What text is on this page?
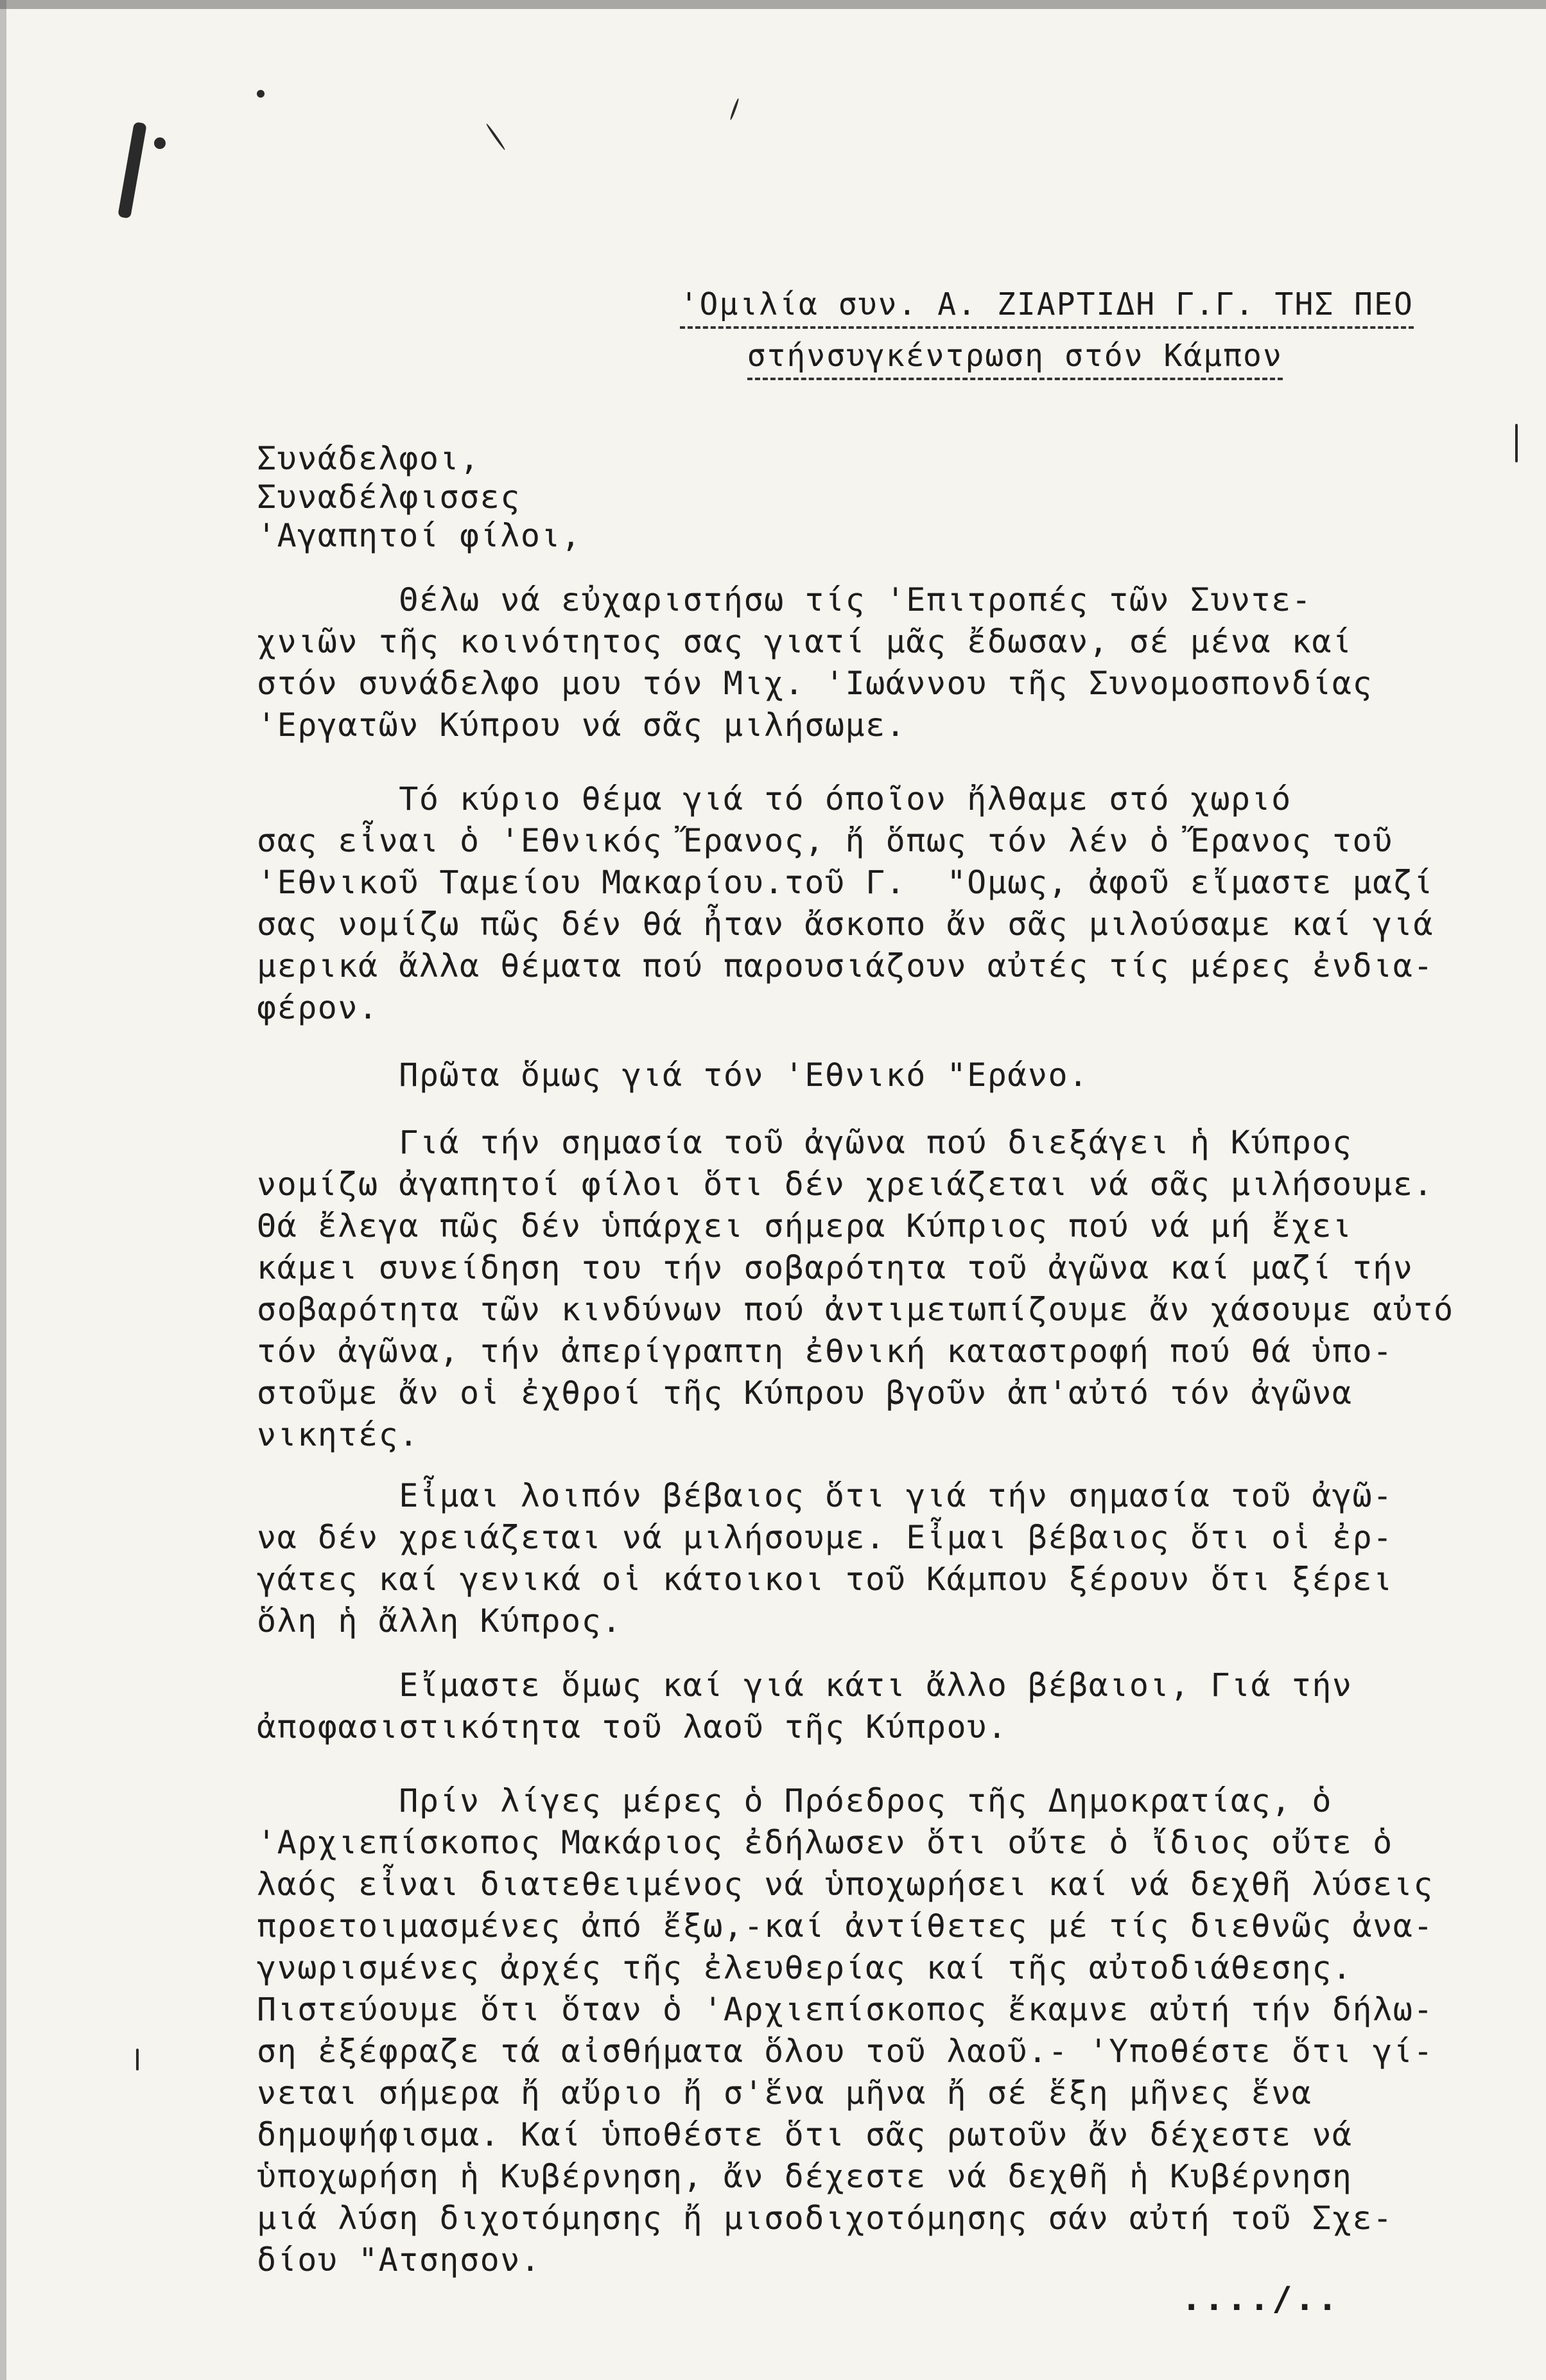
'Ομιλία συν. Α. ΖΙΑΡΤΙΔΗ Γ.Γ. ΤΗΣ ΠΕΟ

στήνσυγκέντρωση στόν Κάμπον

Συνάδελφοι,
Συναδέλφισσες
'Αγαπητοί φίλοι,
Θέλω νά εὐχαριστήσω τίς 'Επιτροπές τῶν Συντε-
χνιῶν τῆς κοινότητος σας γιατί μᾶς ἔδωσαν, σέ μένα καί
στόν συνάδελφο μου τόν Μιχ. 'Ιωάννου τῆς Συνομοσπονδίας
'Εργατῶν Κύπρου νά σᾶς μιλήσωμε.
Τό κύριο θέμα γιά τό όποῖον ἤλθαμε στό χωριό
σας εἶναι ὁ 'Εθνικός Ἔρανος, ἤ ὅπως τόν λέν ὁ Ἔρανος τοῦ
'Εθνικοῦ Ταμείου Μακαρίου.τοῦ Γ.  "Ομως, ἀφοῦ εἴμαστε μαζί
σας νομίζω πῶς δέν θά ἦταν ἄσκοπο ἄν σᾶς μιλούσαμε καί γιά
μερικά ἄλλα θέματα πού παρουσιάζουν αὐτές τίς μέρες ἐνδια-
φέρον.
Πρῶτα ὅμως γιά τόν 'Εθνικό "Εράνο.
Γιά τήν σημασία τοῦ ἀγῶνα πού διεξάγει ἡ Κύπρος
νομίζω ἀγαπητοί φίλοι ὅτι δέν χρειάζεται νά σᾶς μιλήσουμε.
Θά ἔλεγα πῶς δέν ὑπάρχει σήμερα Κύπριος πού νά μή ἔχει
κάμει συνείδηση του τήν σοβαρότητα τοῦ ἀγῶνα καί μαζί τήν
σοβαρότητα τῶν κινδύνων πού ἀντιμετωπίζουμε ἄν χάσουμε αὐτό
τόν ἀγῶνα, τήν ἀπερίγραπτη ἐθνική καταστροφή πού θά ὑπο-
στοῦμε ἄν οἱ ἐχθροί τῆς Κύπρου βγοῦν ἀπ'αὐτό τόν ἀγῶνα
νικητές.
Εἶμαι λοιπόν βέβαιος ὅτι γιά τήν σημασία τοῦ ἀγῶ-
να δέν χρειάζεται νά μιλήσουμε. Εἶμαι βέβαιος ὅτι οἱ ἐρ-
γάτες καί γενικά οἱ κάτοικοι τοῦ Κάμπου ξέρουν ὅτι ξέρει
ὅλη ἡ ἄλλη Κύπρος.
Εἴμαστε ὅμως καί γιά κάτι ἄλλο βέβαιοι, Γιά τήν
ἀποφασιστικότητα τοῦ λαοῦ τῆς Κύπρου.
Πρίν λίγες μέρες ὁ Πρόεδρος τῆς Δημοκρατίας, ὁ
'Αρχιεπίσκοπος Μακάριος ἐδήλωσεν ὅτι οὔτε ὁ ἴδιος οὔτε ὁ
λαός εἶναι διατεθειμένος νά ὑποχωρήσει καί νά δεχθῆ λύσεις
προετοιμασμένες ἀπό ἔξω,-καί ἀντίθετες μέ τίς διεθνῶς ἀνα-
γνωρισμένες ἀρχές τῆς ἐλευθερίας καί τῆς αὐτοδιάθεσης.
Πιστεύουμε ὅτι ὅταν ὁ 'Αρχιεπίσκοπος ἔκαμνε αὐτή τήν δήλω-
ση ἐξέφραζε τά αἰσθήματα ὅλου τοῦ λαοῦ.- 'Υποθέστε ὅτι γί-
νεται σήμερα ἤ αὔριο ἤ σ'ἕνα μῆνα ἤ σέ ἕξη μῆνες ἕνα
δημοψήφισμα. Καί ὑποθέστε ὅτι σᾶς ρωτοῦν ἄν δέχεστε νά
ὑποχωρήση ἡ Κυβέρνηση, ἄν δέχεστε νά δεχθῆ ἡ Κυβέρνηση
μιά λύση διχοτόμησης ἤ μισοδιχοτόμησης σάν αὐτή τοῦ Σχε-
δίου "Ατσησον.
..../..
